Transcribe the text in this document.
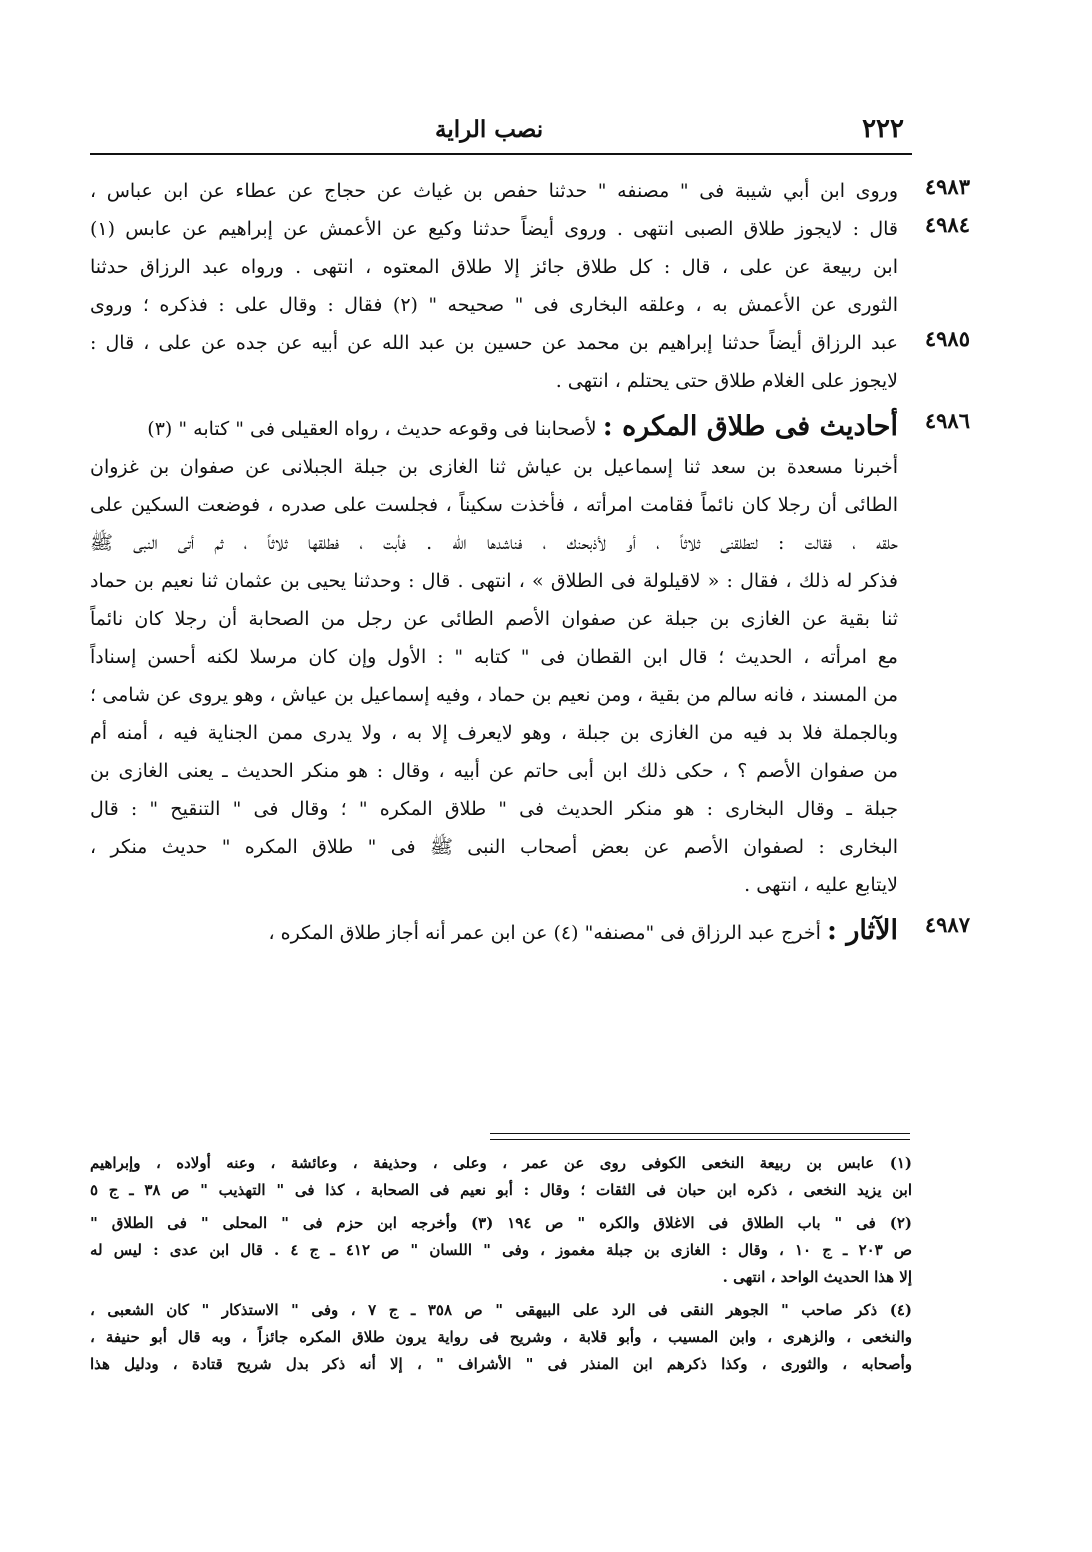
٢٢٢
نصب الراية
٤٩٨٣
وروى ابن أبي شيبة فى " مصنفه " حدثنا حفص بن غياث عن حجاج عن عطاء عن ابن عباس ،
٤٩٨٤
قال : لايجوز طلاق الصبى انتهى . وروى أيضاً حدثنا وكيع عن الأعمش عن إبراهيم عن عابس (١)
ابن ربيعة عن على ، قال : كل طلاق جائز إلا طلاق المعتوه ، انتهى . ورواه عبد الرزاق حدثنا
الثورى عن الأعمش به ، وعلقه البخارى فى " صحيحه " (٢) فقال : وقال على : فذكره ؛ وروى
٤٩٨٥
عبد الرزاق أيضاً حدثنا إبراهيم بن محمد عن حسين بن عبد الله عن أبيه عن جده عن على ، قال :
لايجوز على الغلام طلاق حتى يحتلم ، انتهى .
٤٩٨٦
أحاديث فى طلاق المكره : لأصحابنا فى وقوعه حديث ، رواه العقيلى فى " كتابه " (٣)
أخبرنا مسعدة بن سعد ثنا إسماعيل بن عياش ثنا الغازى بن جبلة الجبلانى عن صفوان بن غزوان
الطائى أن رجلا كان نائماً فقامت امرأته ، فأخذت سكيناً ، فجلست على صدره ، فوضعت السكين على
حلقه ، فقالت : لتطلقنى ثلاثاً ، أو لأذبحنك ، فناشدها الله . فأبت ، فطلقها ثلاثاً ، ثم أتى النبى ﷺ
فذكر له ذلك ، فقال : « لاقيلولة فى الطلاق » ، انتهى . قال : وحدثنا يحيى بن عثمان ثنا نعيم بن حماد
ثنا بقية عن الغازى بن جبلة عن صفوان الأصم الطائى عن رجل من الصحابة أن رجلا كان نائماً
مع امرأته ، الحديث ؛ قال ابن القطان فى " كتابه " : الأول وإن كان مرسلا لكنه أحسن إسناداً
من المسند ، فانه سالم من بقية ، ومن نعيم بن حماد ، وفيه إسماعيل بن عياش ، وهو يروى عن شامى ؛
وبالجملة فلا بد فيه من الغازى بن جبلة ، وهو لايعرف إلا به ، ولا يدرى ممن الجناية فيه ، أمنه أم
من صفوان الأصم ؟ ، حكى ذلك ابن أبى حاتم عن أبيه ، وقال : هو منكر الحديث ـ يعنى الغازى بن
جبلة ـ وقال البخارى : هو منكر الحديث فى " طلاق المكره " ؛ وقال فى " التنقيح " : قال
البخارى : لصفوان الأصم عن بعض أصحاب النبى ﷺ فى " طلاق المكره " حديث منكر ،
لايتابع عليه ، انتهى .
٤٩٨٧
الآثار : أخرج عبد الرزاق فى "مصنفه" (٤) عن ابن عمر أنه أجاز طلاق المكره ،
(١) عابس بن ربيعة النخعى الكوفى روى عن عمر ، وعلى ، وحذيفة ، وعائشة ، وعنه أولاده ، وإبراهيم
ابن يزيد النخعى ، ذكره ابن حبان فى الثقات ؛ وقال : أبو نعيم فى الصحابة ، كذا فى " التهذيب " ص ٣٨ ـ ج ٥
(٢) فى " باب الطلاق فى الاغلاق والكره " ص ١٩٤ (٣) وأخرجه ابن حزم فى " المحلى " فى الطلاق "
ص ٢٠٣ ـ ج ١٠ ، وقال : الغازى بن جبلة مغموز ، وفى " اللسان " ص ٤١٢ ـ ج ٤ . قال ابن عدى : ليس له
إلا هذا الحديث الواحد ، انتهى .
(٤) ذكر صاحب " الجوهر النقى فى الرد على البيهقى " ص ٣٥٨ ـ ج ٧ ، وفى " الاستذكار " كان الشعبى ،
والنخعى ، والزهرى ، وابن المسيب ، وأبو قلابة ، وشريح فى رواية يرون طلاق المكره جائزاً ، وبه قال أبو حنيفة ،
وأصحابه ، والثورى ، وكذا ذكرهم ابن المنذر فى " الأشراف " ، إلا أنه ذكر بدل شريح قتادة ، ودليل هذا
